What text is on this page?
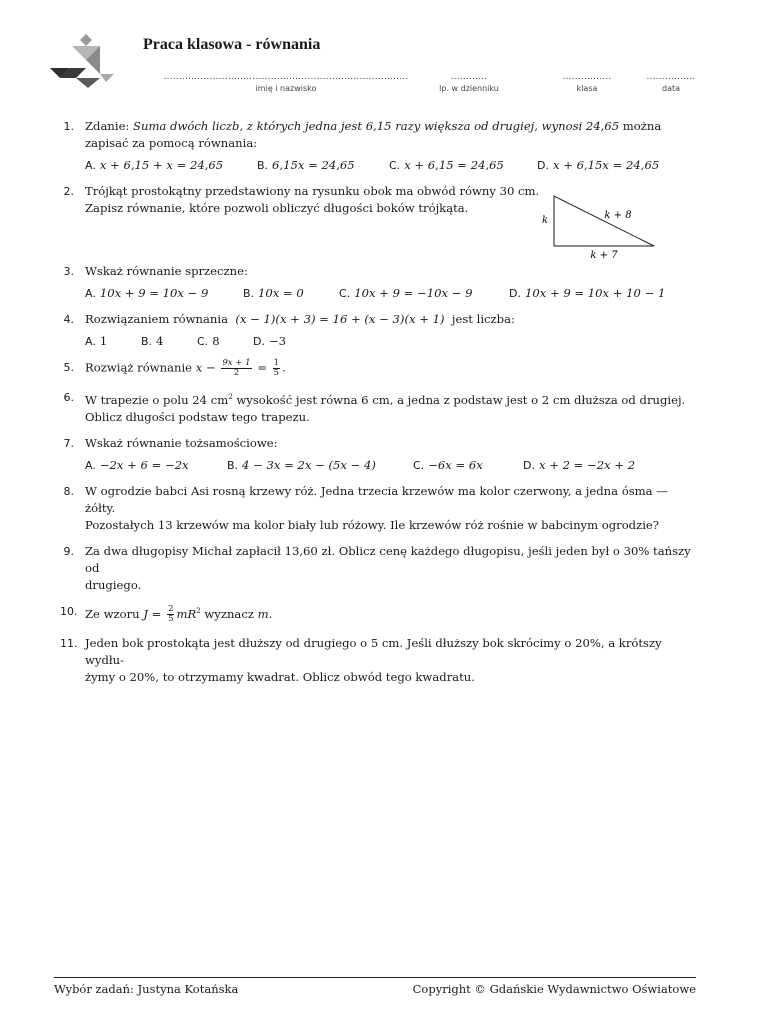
Praca klasowa - równania
................................................................................
imię i nazwisko
............
lp. w dzienniku
................
klasa
................
data
1. Zdanie: Suma dwóch liczb, z których jedna jest 6,15 razy większa od drugiej, wynosi 24,65 można zapisać za pomocą równania:
A. x + 6,15 + x = 24,65	B. 6,15x = 24,65	C. x + 6,15 = 24,65	D. x + 6,15x = 24,65
2. Trójkąt prostokątny przedstawiony na rysunku obok ma obwód równy 30 cm.
Zapisz równanie, które pozwoli obliczyć długości boków trójkąta.
3. Wskaż równanie sprzeczne:
A. 10x + 9 = 10x − 9	B. 10x = 0	C. 10x + 9 = −10x − 9	D. 10x + 9 = 10x + 10 − 1
4. Rozwiązaniem równania (x − 1)(x + 3) = 16 + (x − 3)(x + 1) jest liczba:
A. 1	B. 4	C. 8	D. −3
5. Rozwiąż równanie $x - \frac{9x + 1}{2} = \frac{1}{5}$ .
6. W trapezie o polu 24 $cm^2$ wysokość jest równa 6 cm, a jedna z podstaw jest o 2 cm dłuższa od drugiej.
Oblicz długości podstaw tego trapezu.
7. Wskaż równanie tożsamościowe:
A. −2x + 6 = −2x	B. 4 − 3x = 2x − (5x − 4)	C. −6x = 6x	D. x + 2 = −2x + 2
8. W ogrodzie babci Asi rosną krzewy róż. Jedna trzecia krzewów ma kolor czerwony, a jedna ósma — żółty.
Pozostałych 13 krzewów ma kolor biały lub różowy. Ile krzewów róż rośnie w babcinym ogrodzie?
9. Za dwa długopisy Michał zapłacił 13,60 zł. Oblicz cenę każdego długopisu, jeśli jeden był o 30% tańszy od
drugiego.
10. Ze wzoru $J = \frac{2}{5} mR^2$ wyznacz m.
11. Jeden bok prostokąta jest dłuższy od drugiego o 5 cm. Jeśli dłuższy bok skrócimy o 20%, a krótszy wydłu-
żymy o 20%, to otrzymamy kwadrat. Oblicz obwód tego kwadratu.
k	k + 8
k + 7
Wybór zadań: Justyna Kotańska	Copyright © Gdańskie Wydawnictwo Oświatowe
